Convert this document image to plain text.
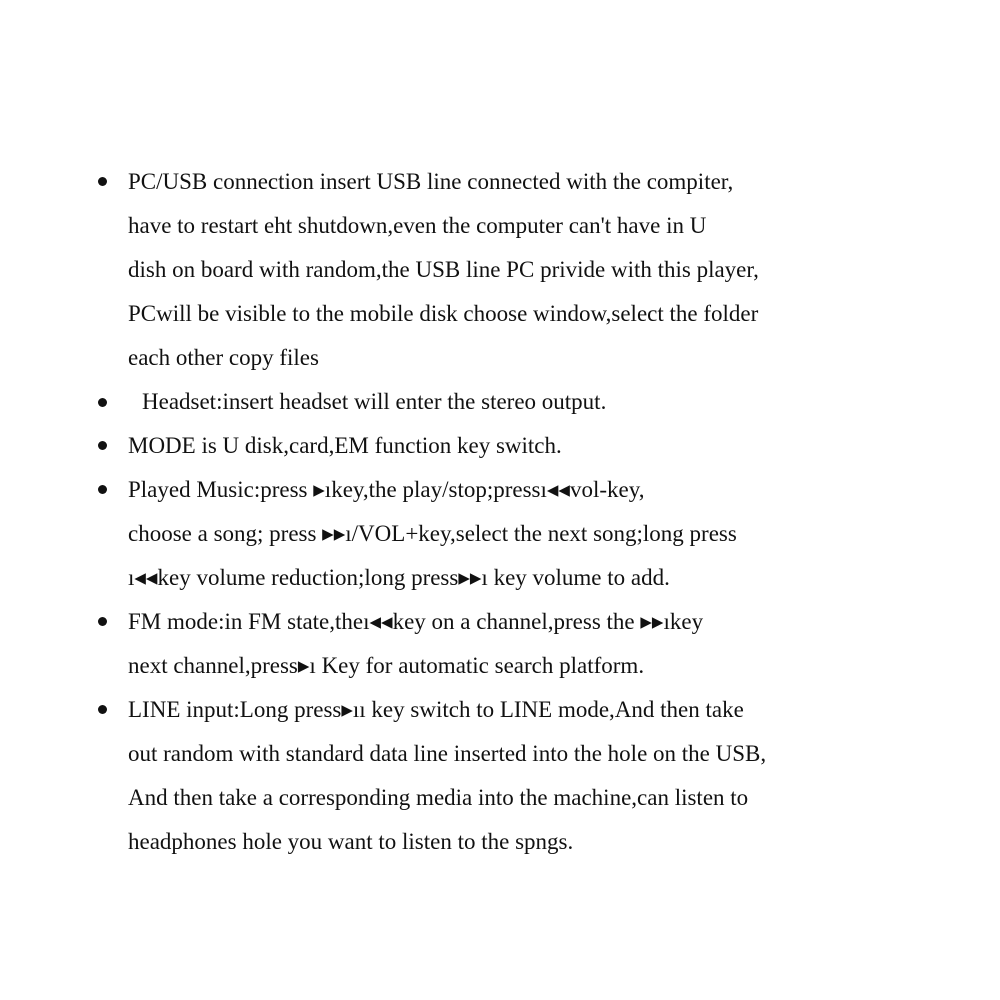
PC/USB connection insert USB line connected with the compiter,
have to restart eht shutdown,even the computer can't have in U
dish on board with random,the USB line PC privide with this player,
PCwill be visible to the mobile disk choose window,select the folder
each other copy files
Headset:insert headset will enter the stereo output.
MODE is U disk,card,EM function key switch.
Played Music:press ▸ıkey,the play/stop;pressı◂◂vol-key,
choose a song; press ▸▸ı/VOL+key,select the next song;long press
ı◂◂key volume reduction;long press▸▸ı key volume to add.
FM mode:in FM state,theı◂◂key on a channel,press the ▸▸ıkey
next channel,press▸ı Key for automatic search platform.
LINE input:Long press▸ıı key switch to LINE mode,And then take
out random with standard data line inserted into the hole on the USB,
And then take a corresponding media into the machine,can listen to
headphones hole you want to listen to the spngs.
